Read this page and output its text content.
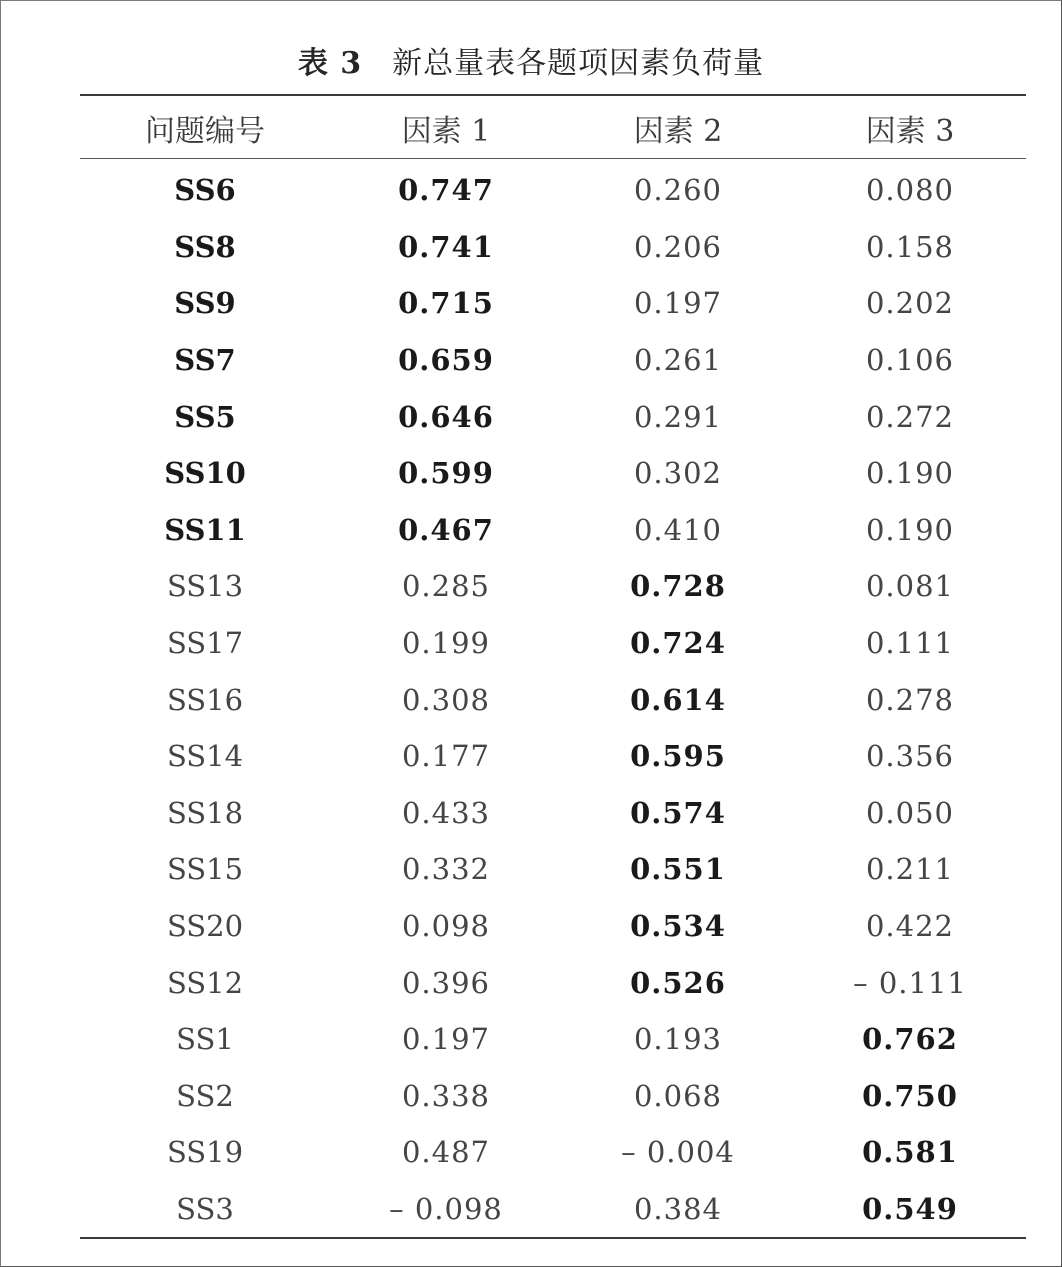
表 3 新总量表各题项因素负荷量
问题编号	因素 1	因素 2	因素 3
SS6	0.747	0.260	0.080
SS8	0.741	0.206	0.158
SS9	0.715	0.197	0.202
SS7	0.659	0.261	0.106
SS5	0.646	0.291	0.272
SS10	0.599	0.302	0.190
SS11	0.467	0.410	0.190
SS13	0.285	0.728	0.081
SS17	0.199	0.724	0.111
SS16	0.308	0.614	0.278
SS14	0.177	0.595	0.356
SS18	0.433	0.574	0.050
SS15	0.332	0.551	0.211
SS20	0.098	0.534	0.422
SS12	0.396	0.526	– 0.111
SS1	0.197	0.193	0.762
SS2	0.338	0.068	0.750
SS19	0.487	– 0.004	0.581
SS3	– 0.098	0.384	0.549
